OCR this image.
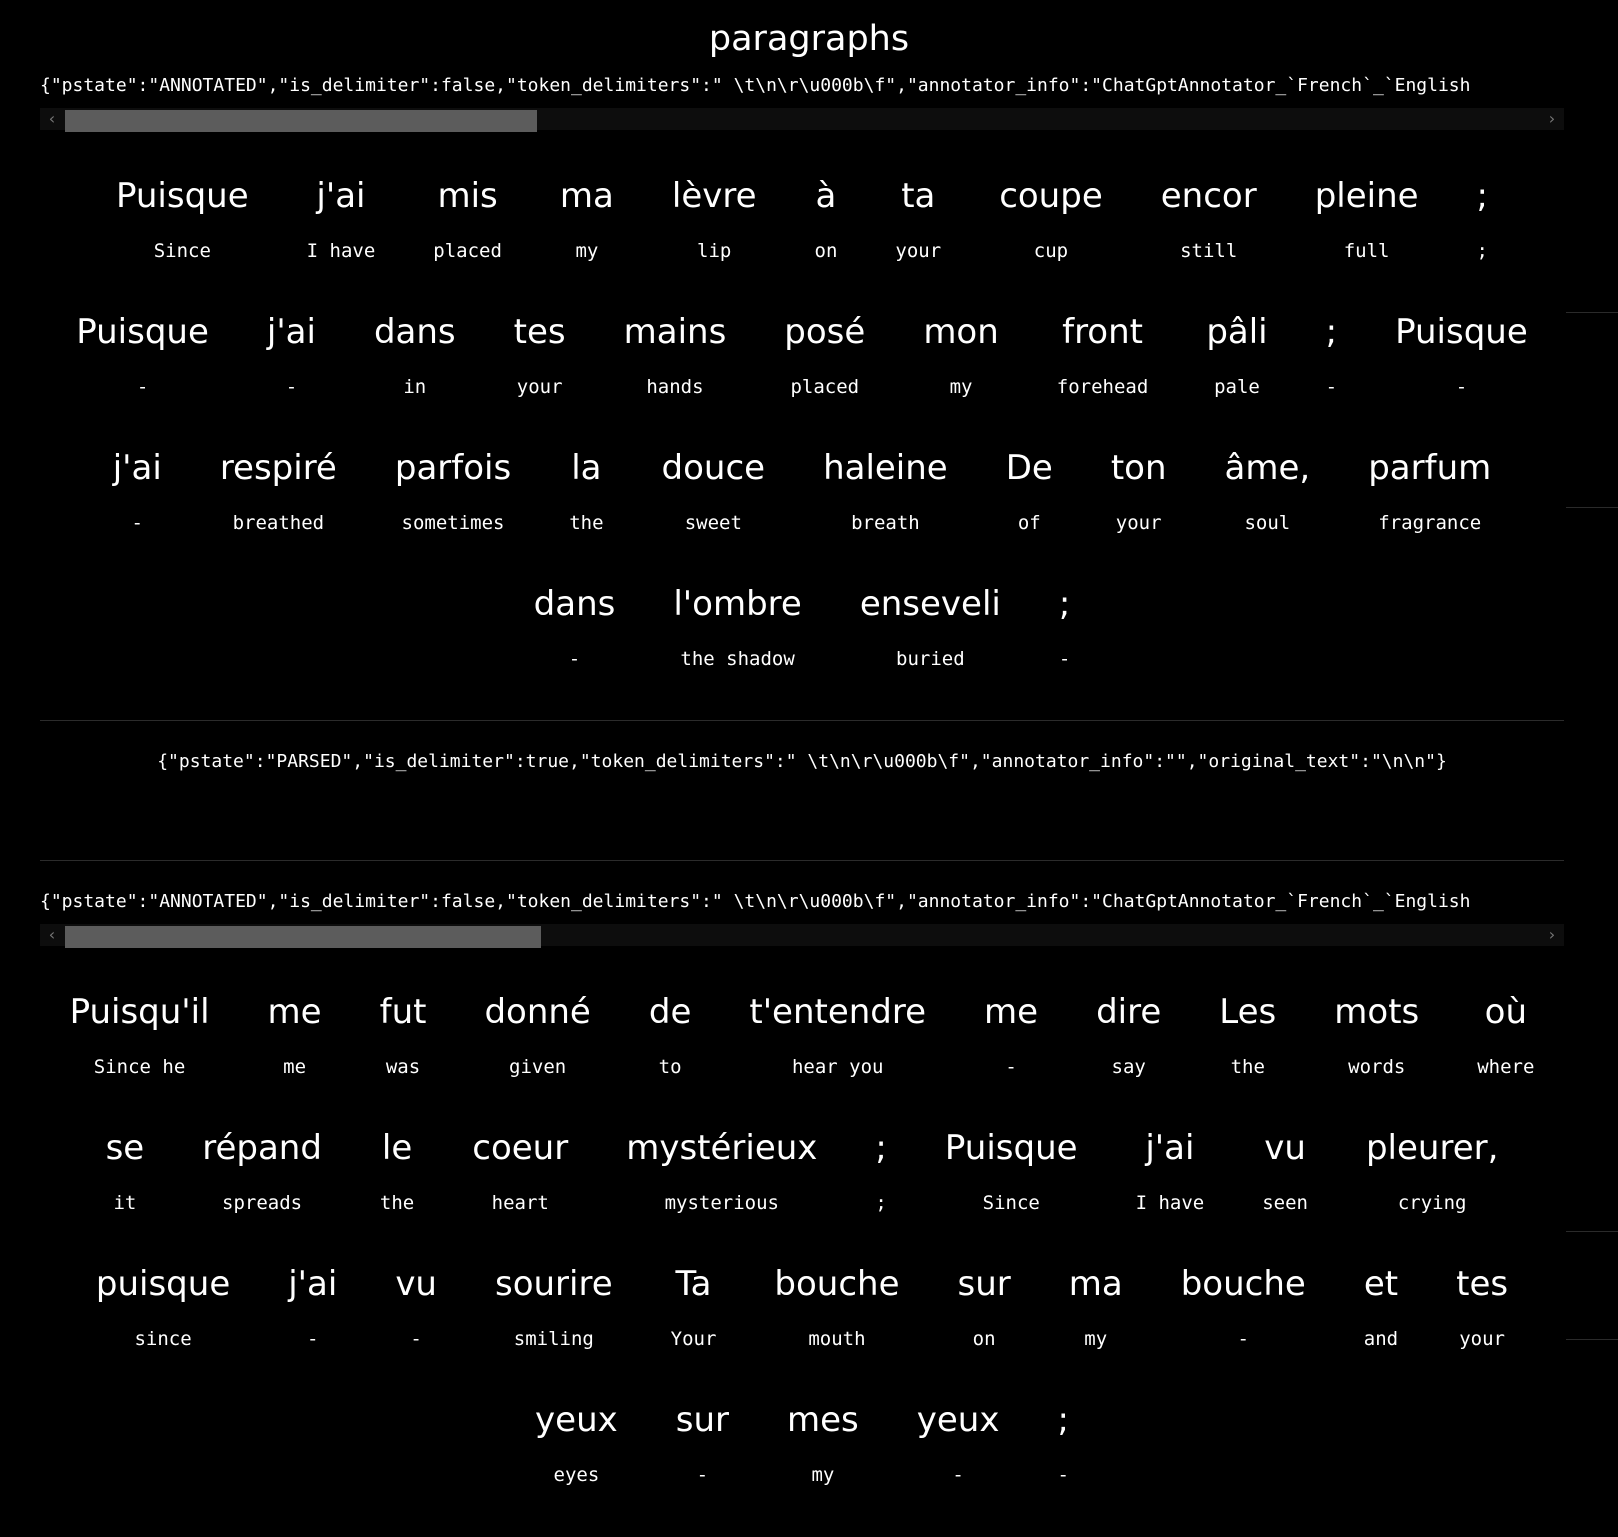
paragraphs
{"pstate":"ANNOTATED","is_delimiter":false,"token_delimiters":" \t\n\r\u000b\f","annotator_info":"ChatGptAnnotator_`French`_`English
‹	›
Puisque
Since
j'ai
I have
mis
placed
ma
my
lèvre
lip
à
on
ta
your
coupe
cup
encor
still
pleine
full
;
;
Puisque
-
j'ai
-
dans
in
tes
your
mains
hands
posé
placed
mon
my
front
forehead
pâli
pale
;
-
Puisque
-
j'ai
-
respiré
breathed
parfois
sometimes
la
the
douce
sweet
haleine
breath
De
of
ton
your
âme,
soul
parfum
fragrance
dans
-
l'ombre
the shadow
enseveli
buried
;
-
{"pstate":"PARSED","is_delimiter":true,"token_delimiters":" \t\n\r\u000b\f","annotator_info":"","original_text":"\n\n"}
{"pstate":"ANNOTATED","is_delimiter":false,"token_delimiters":" \t\n\r\u000b\f","annotator_info":"ChatGptAnnotator_`French`_`English
‹	›
Puisqu'il
Since he
me
me
fut
was
donné
given
de
to
t'entendre
hear you
me
-
dire
say
Les
the
mots
words
où
where
se
it
répand
spreads
le
the
coeur
heart
mystérieux
mysterious
;
;
Puisque
Since
j'ai
I have
vu
seen
pleurer,
crying
puisque
since
j'ai
-
vu
-
sourire
smiling
Ta
Your
bouche
mouth
sur
on
ma
my
bouche
-
et
and
tes
your
yeux
eyes
sur
-
mes
my
yeux
-
;
-
